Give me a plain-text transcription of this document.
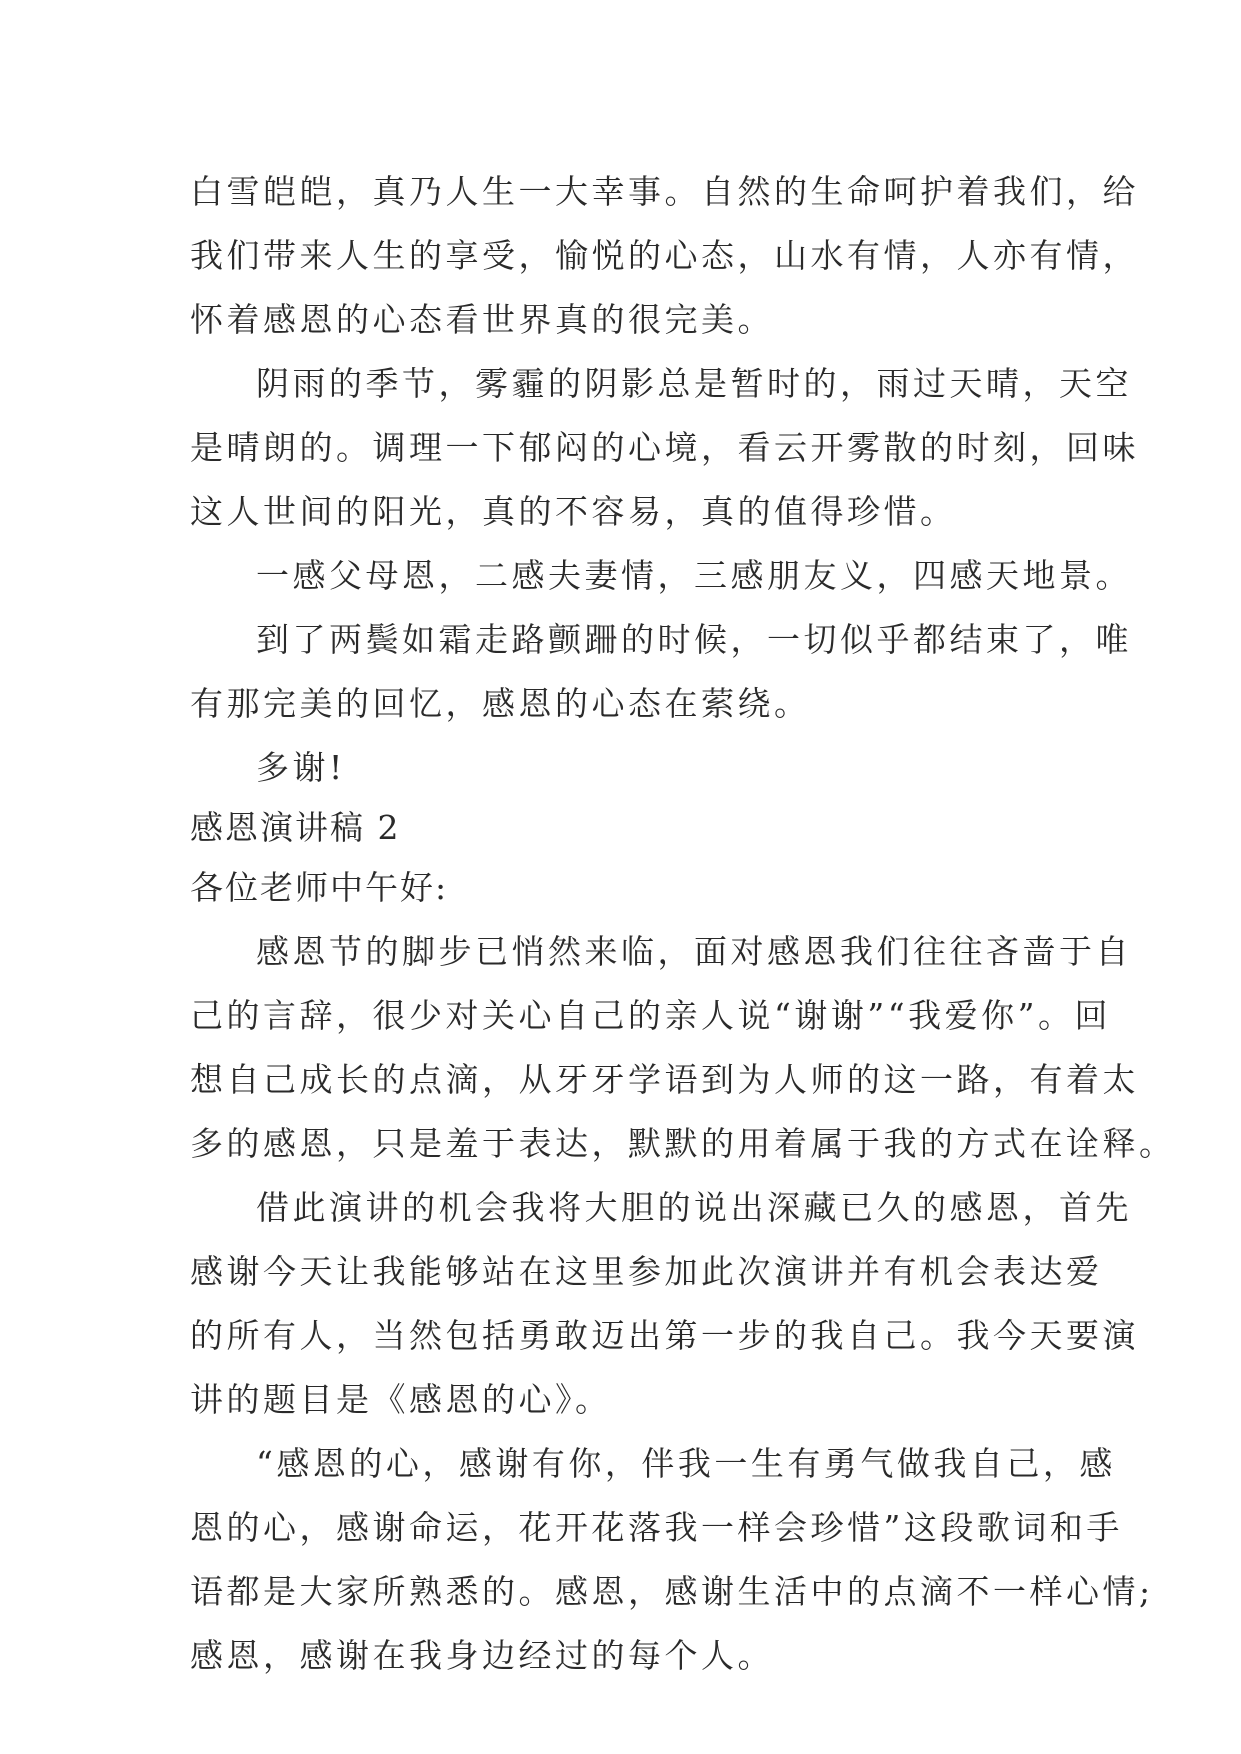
白雪皑皑，真乃人生一大幸事。自然的生命呵护着我们，给
我们带来人生的享受，愉悦的心态，山水有情，人亦有情，
怀着感恩的心态看世界真的很完美。
阴雨的季节，雾霾的阴影总是暂时的，雨过天晴，天空
是晴朗的。调理一下郁闷的心境，看云开雾散的时刻，回味
这人世间的阳光，真的不容易，真的值得珍惜。
一感父母恩，二感夫妻情，三感朋友义，四感天地景。
到了两鬓如霜走路颤跚的时候，一切似乎都结束了，唯
有那完美的回忆，感恩的心态在萦绕。
多谢!
感恩演讲稿 2
各位老师中午好:
感恩节的脚步已悄然来临，面对感恩我们往往吝啬于自
己的言辞，很少对关心自己的亲人说“谢谢”“我爱你”。回
想自己成长的点滴，从牙牙学语到为人师的这一路，有着太
多的感恩，只是羞于表达，默默的用着属于我的方式在诠释。
借此演讲的机会我将大胆的说出深藏已久的感恩，首先
感谢今天让我能够站在这里参加此次演讲并有机会表达爱
的所有人，当然包括勇敢迈出第一步的我自己。我今天要演
讲的题目是《感恩的心》。
“感恩的心，感谢有你，伴我一生有勇气做我自己，感
恩的心，感谢命运，花开花落我一样会珍惜”这段歌词和手
语都是大家所熟悉的。感恩，感谢生活中的点滴不一样心情;
感恩，感谢在我身边经过的每个人。
